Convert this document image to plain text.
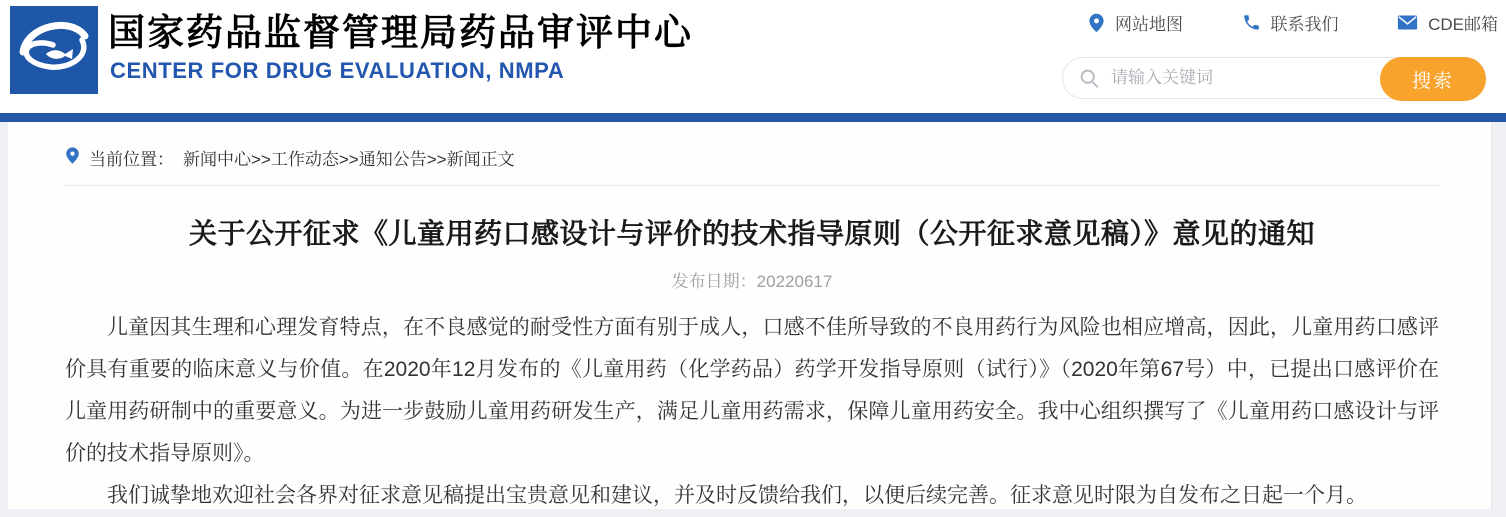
国家药品监督管理局药品审评中心
CENTER FOR DRUG EVALUATION, NMPA
网站地图	联系我们	CDE邮箱
请输入关键词
搜索
当前位置： 新闻中心>>工作动态>>通知公告>>新闻正文
关于公开征求《儿童用药口感设计与评价的技术指导原则（公开征求意见稿）》意见的通知
发布日期：20220617

儿童因其生理和心理发育特点，在不良感觉的耐受性方面有别于成人，口感不佳所导致的不良用药行为风险也相应增高，因此，儿童用药口感评价具有重要的临床意义与价值。在2020年12月发布的《儿童用药（化学药品）药学开发指导原则（试行）》（2020年第67号）中，已提出口感评价在儿童用药研制中的重要意义。为进一步鼓励儿童用药研发生产，满足儿童用药需求，保障儿童用药安全。我中心组织撰写了《儿童用药口感设计与评价的技术指导原则》。

我们诚挚地欢迎社会各界对征求意见稿提出宝贵意见和建议，并及时反馈给我们，以便后续完善。征求意见时限为自发布之日起一个月。
